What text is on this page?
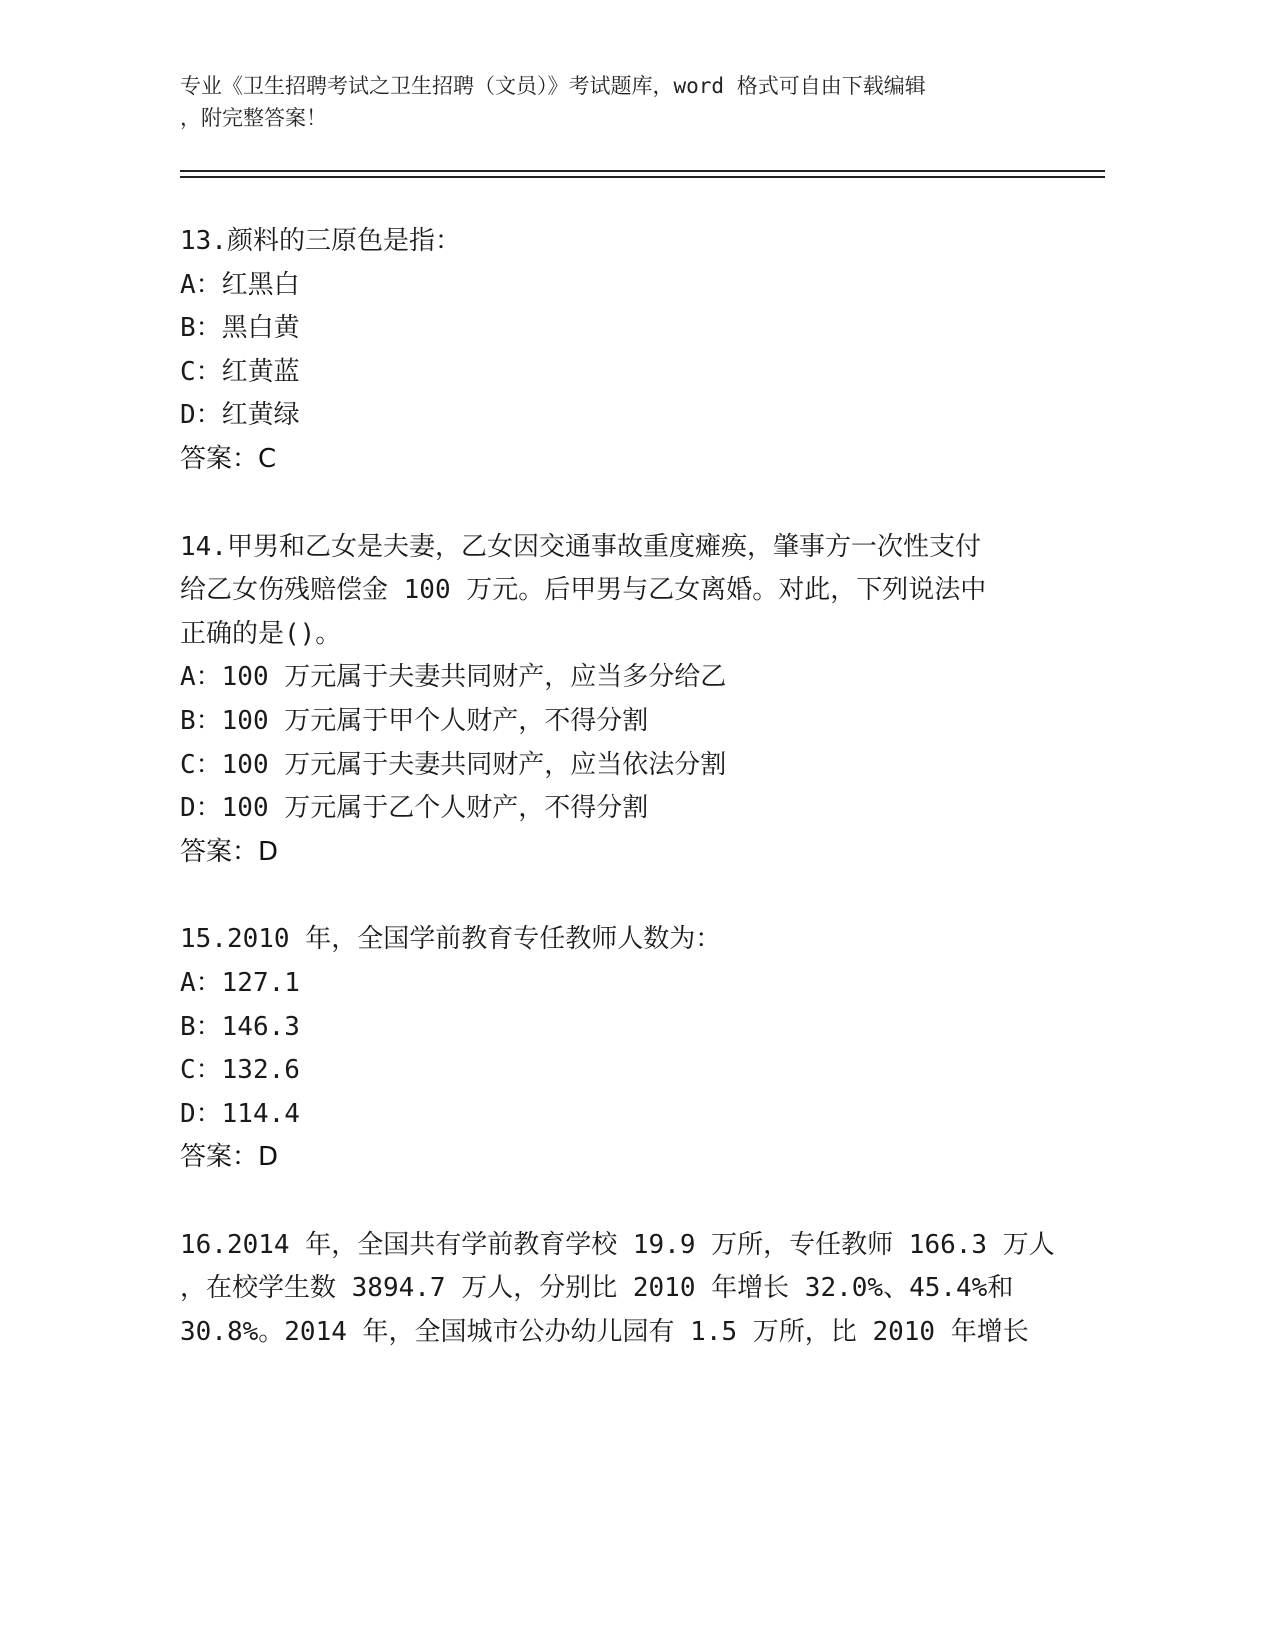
专业《卫生招聘考试之卫生招聘（文员）》考试题库，word 格式可自由下载编辑
，附完整答案！
13.颜料的三原色是指：
A：红黑白
B：黑白黄
C：红黄蓝
D：红黄绿
答案：C
14.甲男和乙女是夫妻，乙女因交通事故重度瘫痪，肇事方一次性支付
给乙女伤残赔偿金 100 万元。后甲男与乙女离婚。对此，下列说法中
正确的是()。
A：100 万元属于夫妻共同财产，应当多分给乙
B：100 万元属于甲个人财产，不得分割
C：100 万元属于夫妻共同财产，应当依法分割
D：100 万元属于乙个人财产，不得分割
答案：D
15.2010 年，全国学前教育专任教师人数为：
A：127.1
B：146.3
C：132.6
D：114.4
答案：D
16.2014 年，全国共有学前教育学校 19.9 万所，专任教师 166.3 万人
，在校学生数 3894.7 万人，分别比 2010 年增长 32.0%、45.4%和
30.8%。2014 年，全国城市公办幼儿园有 1.5 万所，比 2010 年增长
